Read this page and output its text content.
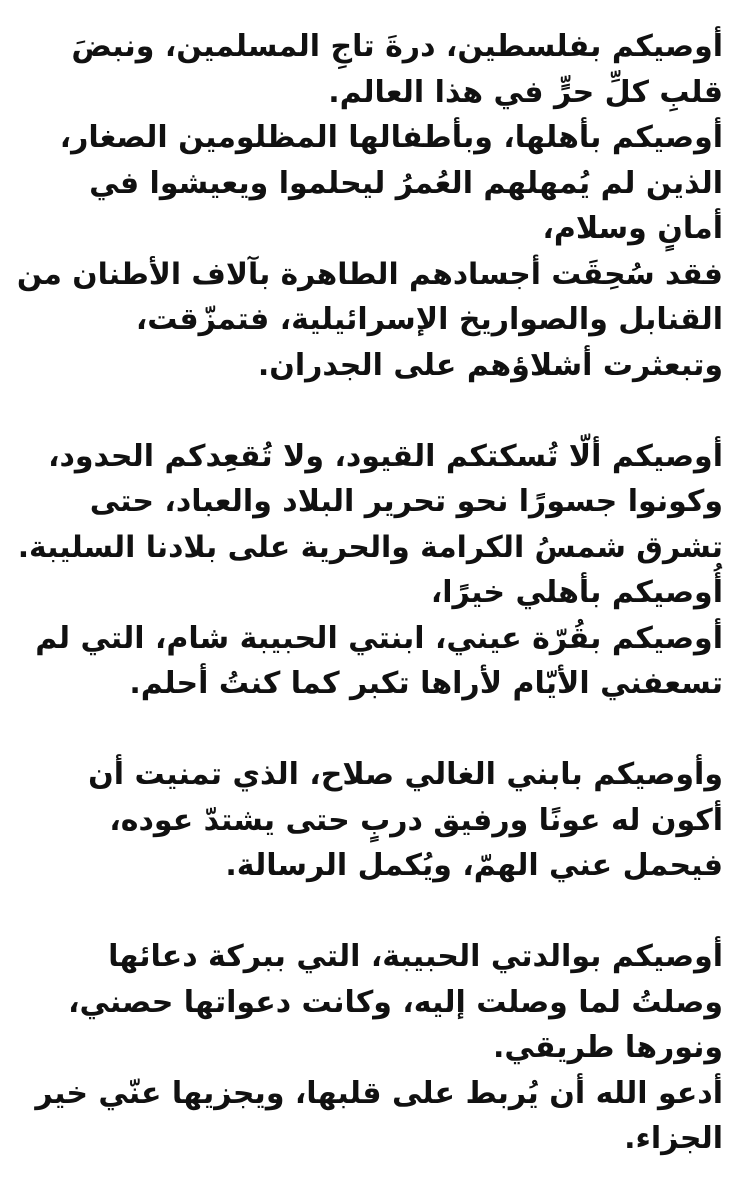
أوصيكم بفلسطين، درةَ تاجِ المسلمين، ونبضَ
قلبِ كلِّ حرٍّ في هذا العالم.
أوصيكم بأهلها، وبأطفالها المظلومين الصغار،
الذين لم يُمهلهم العُمرُ ليحلموا ويعيشوا في
أمانٍ وسلام،
فقد سُحِقَت أجسادهم الطاهرة بآلاف الأطنان من
القنابل والصواريخ الإسرائيلية، فتمزّقت،
وتبعثرت أشلاؤهم على الجدران.
أوصيكم ألّا تُسكتكم القيود، ولا تُقعِدكم الحدود،
وكونوا جسورًا نحو تحرير البلاد والعباد، حتى
تشرق شمسُ الكرامة والحرية على بلادنا السليبة.
أُوصيكم بأهلي خيرًا،
أوصيكم بقُرّة عيني، ابنتي الحبيبة شام، التي لم
تسعفني الأيّام لأراها تكبر كما كنتُ أحلم.
وأوصيكم بابني الغالي صلاح، الذي تمنيت أن
أكون له عونًا ورفيق دربٍ حتى يشتدّ عوده،
فيحمل عني الهمّ، ويُكمل الرسالة.
أوصيكم بوالدتي الحبيبة، التي ببركة دعائها
وصلتُ لما وصلت إليه، وكانت دعواتها حصني،
ونورها طريقي.
أدعو الله أن يُربط على قلبها، ويجزيها عنّي خير
الجزاء.
